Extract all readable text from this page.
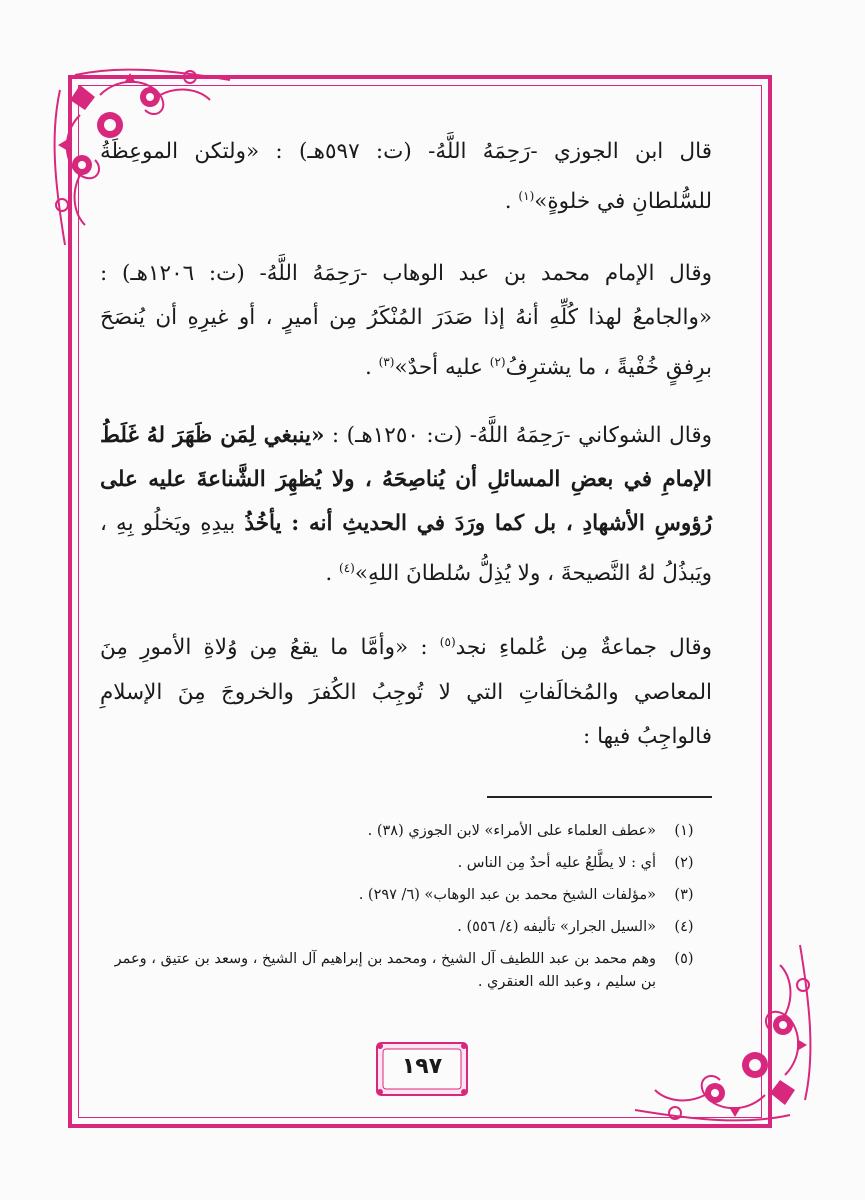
قال ابن الجوزي -رَحِمَهُ اللَّهُ- (ت: ٥٩٧هـ) : «ولتكن الموعِظَةُ للسُّلطانِ في خلوةٍ»$^{(١)}$ .

وقال الإمام محمد بن عبد الوهاب -رَحِمَهُ اللَّهُ- (ت: ١٢٠٦هـ) : «والجامعُ لهذا كُلِّهِ أنهُ إذا صَدَرَ المُنْكَرُ مِن أميرٍ ، أو غيرِهِ أن يُنصَحَ برِفقٍ خُفْيةً ، ما يشترِفُ$^{(٢)}$ عليه أحدٌ»$^{(٣)}$ .

وقال الشوكاني -رَحِمَهُ اللَّهُ- (ت: ١٢٥٠هـ) : «ينبغي لِمَن ظَهَرَ لهُ غَلَطُ الإمامِ في بعضِ المسائلِ أن يُناصِحَهُ ، ولا يُظهِرَ الشَّناعةَ عليه على رُؤوسِ الأشهادِ ، بل كما ورَدَ في الحديثِ أنه : يأخُذُ بيدِهِ ويَخلُو بِهِ ، ويَبذُلُ لهُ النَّصيحةَ ، ولا يُذِلُّ سُلطانَ اللهِ»$^{(٤)}$ .

وقال جماعةٌ مِن عُلماءِ نجد$^{(٥)}$ : «وأمَّا ما يقعُ مِن وُلاةِ الأمورِ مِنَ المعاصي والمُخالَفاتِ التي لا تُوجِبُ الكُفرَ والخروجَ مِنَ الإسلامِ فالواجِبُ فيها :

(١)
«عطف العلماء على الأمراء» لابن الجوزي (٣٨) .
(٢)
أي : لا يطَّلعُ عليه أحدٌ مِن الناس .
(٣)
«مؤلفات الشيخ محمد بن عبد الوهاب» (٦/ ٢٩٧) .
(٤)
«السيل الجرار» تأليفه (٤/ ٥٥٦) .
(٥)
وهم محمد بن عبد اللطيف آل الشيخ ، ومحمد بن إبراهيم آل الشيخ ، وسعد بن عتيق ، وعمر بن سليم ، وعبد الله العنقري .
١٩٧
